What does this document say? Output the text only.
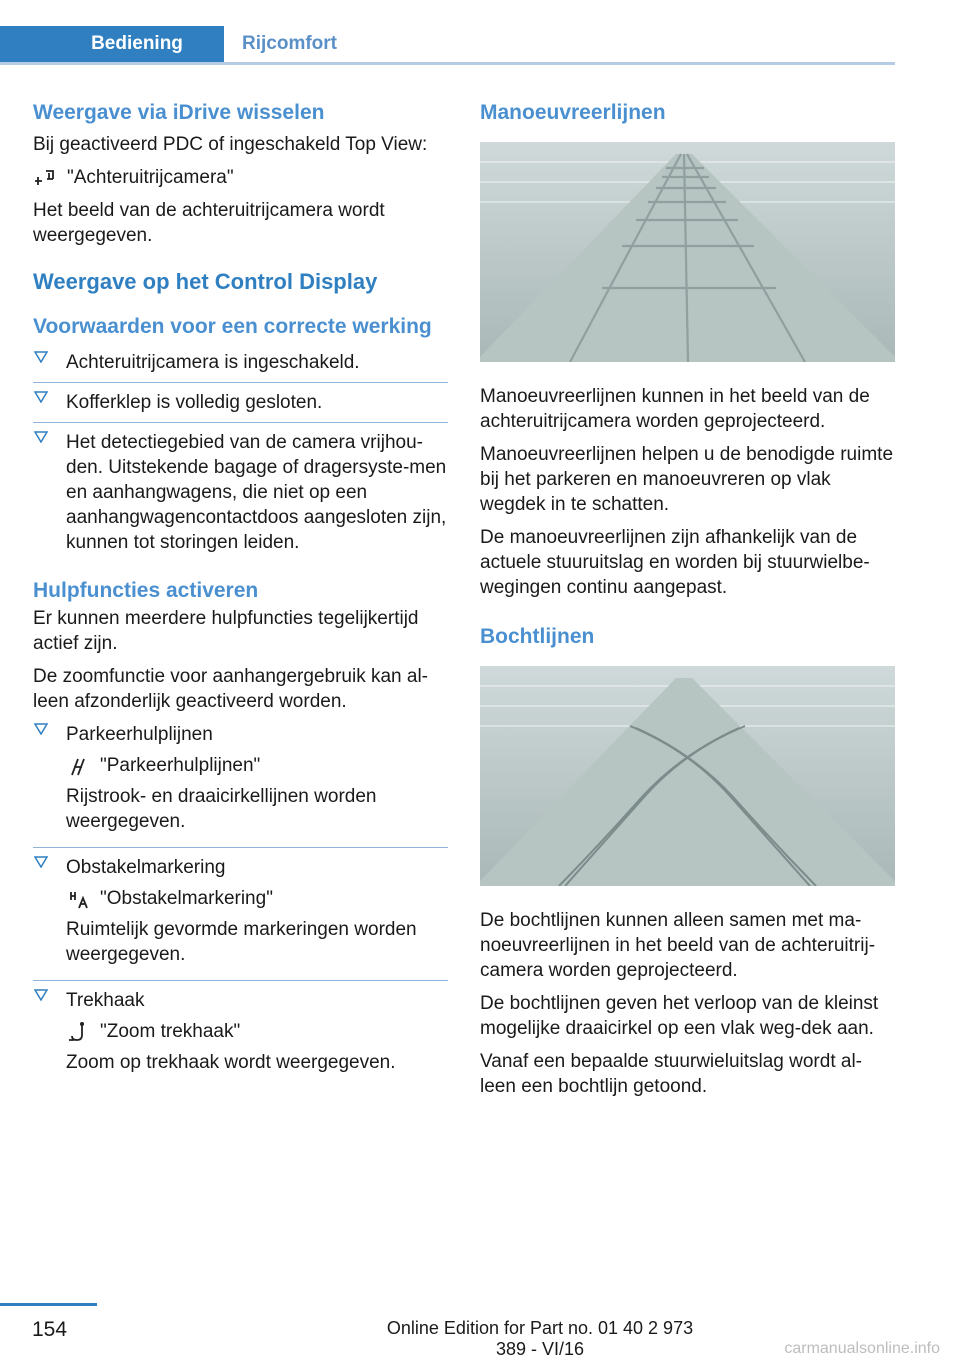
Bediening	Rijcomfort
Weergave via iDrive wisselen

Bij geactiveerd PDC of ingeschakeld Top View:

"Achteruitrijcamera"

Het beeld van de achteruitrijcamera wordt weergegeven.

Weergave op het Control Display
Voorwaarden voor een correcte werking
Achteruitrijcamera is ingeschakeld.
Kofferklep is volledig gesloten.
Het detectiegebied van de camera vrijhou‐den. Uitstekende bagage of dragersyste‐men en aanhangwagens, die niet op een aanhangwagencontactdoos aangesloten zijn, kunnen tot storingen leiden.
Hulpfuncties activeren

Er kunnen meerdere hulpfuncties tegelijkertijd actief zijn.

De zoomfunctie voor aanhangergebruik kan al‐leen afzonderlijk geactiveerd worden.

Parkeerhulplijnen

"Parkeerhulplijnen"

Rijstrook- en draaicirkellijnen worden weergegeven.

Obstakelmarkering

"Obstakelmarkering"

Ruimtelijk gevormde markeringen worden weergegeven.

Trekhaak

"Zoom trekhaak"

Zoom op trekhaak wordt weergegeven.

Manoeuvreerlijnen

Manoeuvreerlijnen kunnen in het beeld van de achteruitrijcamera worden geprojecteerd.

Manoeuvreerlijnen helpen u de benodigde ruimte bij het parkeren en manoeuvreren op vlak wegdek in te schatten.

De manoeuvreerlijnen zijn afhankelijk van de actuele stuuruitslag en worden bij stuurwielbe‐wegingen continu aangepast.

Bochtlijnen

De bochtlijnen kunnen alleen samen met ma‐noeuvreerlijnen in het beeld van de achteruitrij‐camera worden geprojecteerd.

De bochtlijnen geven het verloop van de kleinst mogelijke draaicirkel op een vlak weg‐dek aan.

Vanaf een bepaalde stuurwieluitslag wordt al‐leen een bochtlijn getoond.

154	Online Edition for Part no. 01 40 2 973 389 - VI/16	carmanualsonline.info
